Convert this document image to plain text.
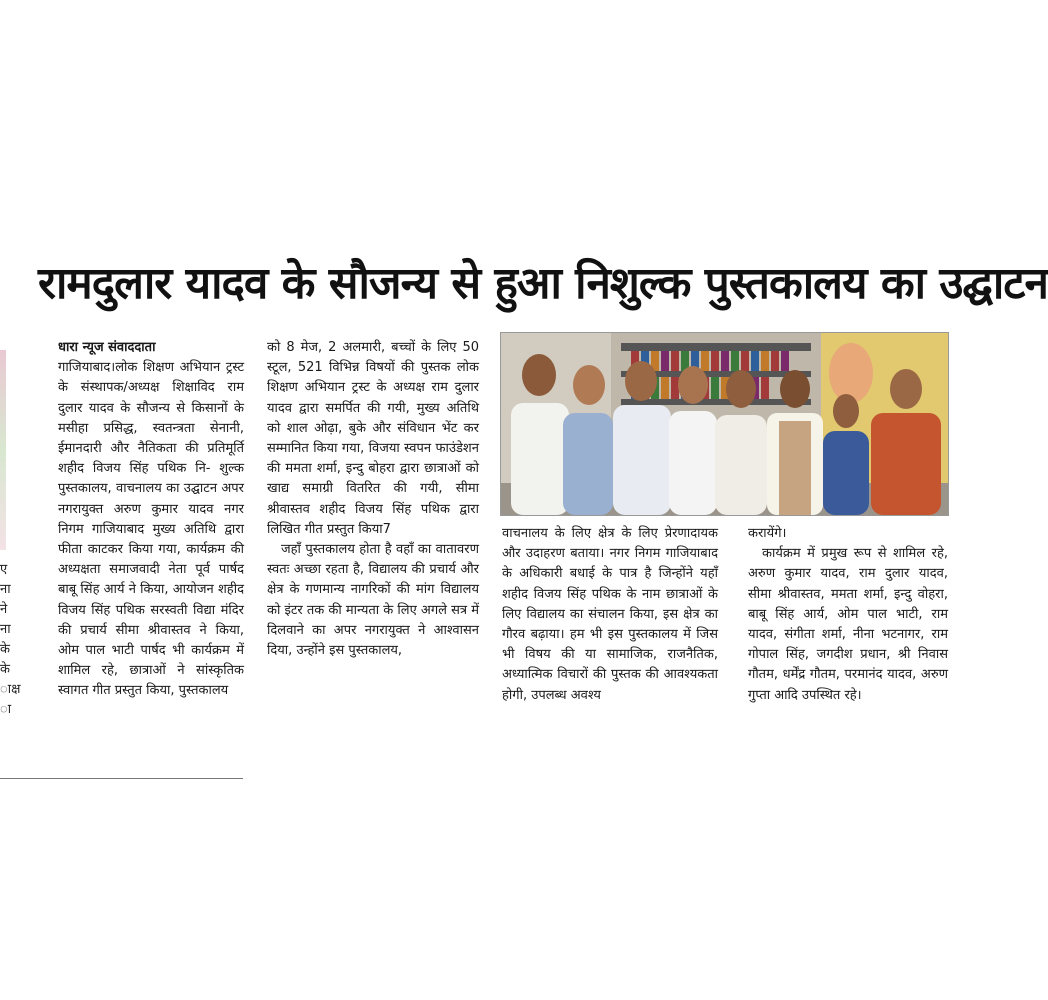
ए
ना
ने
ना
के
के
ाक्ष
ा
रामदुलार यादव के सौजन्य से हुआ निशुल्क पुस्तकालय का उद्घाटन

धारा न्यूज संवाददाता

गाजियाबाद।लोक शिक्षण अभियान ट्रस्ट के संस्थापक/अध्यक्ष शिक्षाविद राम दुलार यादव के सौजन्य से किसानों के मसीहा प्रसिद्ध, स्वतन्त्रता सेनानी, ईमानदारी और नैतिकता की प्रतिमूर्ति शहीद विजय सिंह पथिक नि- शुल्क पुस्तकालय, वाचनालय का उद्घाटन अपर नगरायुक्त अरुण कुमार यादव नगर निगम गाजियाबाद मुख्य अतिथि द्वारा फीता काटकर किया गया, कार्यक्रम की अध्यक्षता समाजवादी नेता पूर्व पार्षद बाबू सिंह आर्य ने किया, आयोजन शहीद विजय सिंह पथिक सरस्वती विद्या मंदिर की प्रचार्य सीमा श्रीवास्तव ने किया, ओम पाल भाटी पार्षद भी कार्यक्रम में शामिल रहे, छात्राओं ने सांस्कृतिक स्वागत गीत प्रस्तुत किया, पुस्तकालय

को 8 मेज, 2 अलमारी, बच्चों के लिए 50 स्टूल, 521 विभिन्न विषयों की पुस्तक लोक शिक्षण अभियान ट्रस्ट के अध्यक्ष राम दुलार यादव द्वारा समर्पित की गयी, मुख्य अतिथि को शाल ओढ़ा, बुके और संविधान भेंट कर सम्मानित किया गया, विजया स्वपन फाउंडेशन की ममता शर्मा, इन्दु बोहरा द्वारा छात्राओं को खाद्य समाग्री वितरित की गयी, सीमा श्रीवास्तव शहीद विजय सिंह पथिक द्वारा लिखित गीत प्रस्तुत किया7

जहाँ पुस्तकालय होता है वहाँ का वातावरण स्वतः अच्छा रहता है, विद्यालय की प्रचार्य और क्षेत्र के गणमान्य नागरिकों की मांग विद्यालय को इंटर तक की मान्यता के लिए अगले सत्र में दिलवाने का अपर नगरायुक्त ने आश्वासन दिया, उन्होंने इस पुस्तकालय,

वाचनालय के लिए क्षेत्र के लिए प्रेरणादायक और उदाहरण बताया। नगर निगम गाजियाबाद के अधिकारी बधाई के पात्र है जिन्होंने यहाँ शहीद विजय सिंह पथिक के नाम छात्राओं के लिए विद्यालय का संचालन किया, इस क्षेत्र का गौरव बढ़ाया। हम भी इस पुस्तकालय में जिस भी विषय की या सामाजिक, राजनैतिक, अध्यात्मिक विचारों की पुस्तक की आवश्यकता होगी, उपलब्ध अवश्य

करायेंगे।

कार्यक्रम में प्रमुख रूप से शामिल रहे, अरुण कुमार यादव, राम दुलार यादव, सीमा श्रीवास्तव, ममता शर्मा, इन्दु वोहरा, बाबू सिंह आर्य, ओम पाल भाटी, राम यादव, संगीता शर्मा, नीना भटनागर, राम गोपाल सिंह, जगदीश प्रधान, श्री निवास गौतम, धर्मेंद्र गौतम, परमानंद यादव, अरुण गुप्ता आदि उपस्थित रहे।
